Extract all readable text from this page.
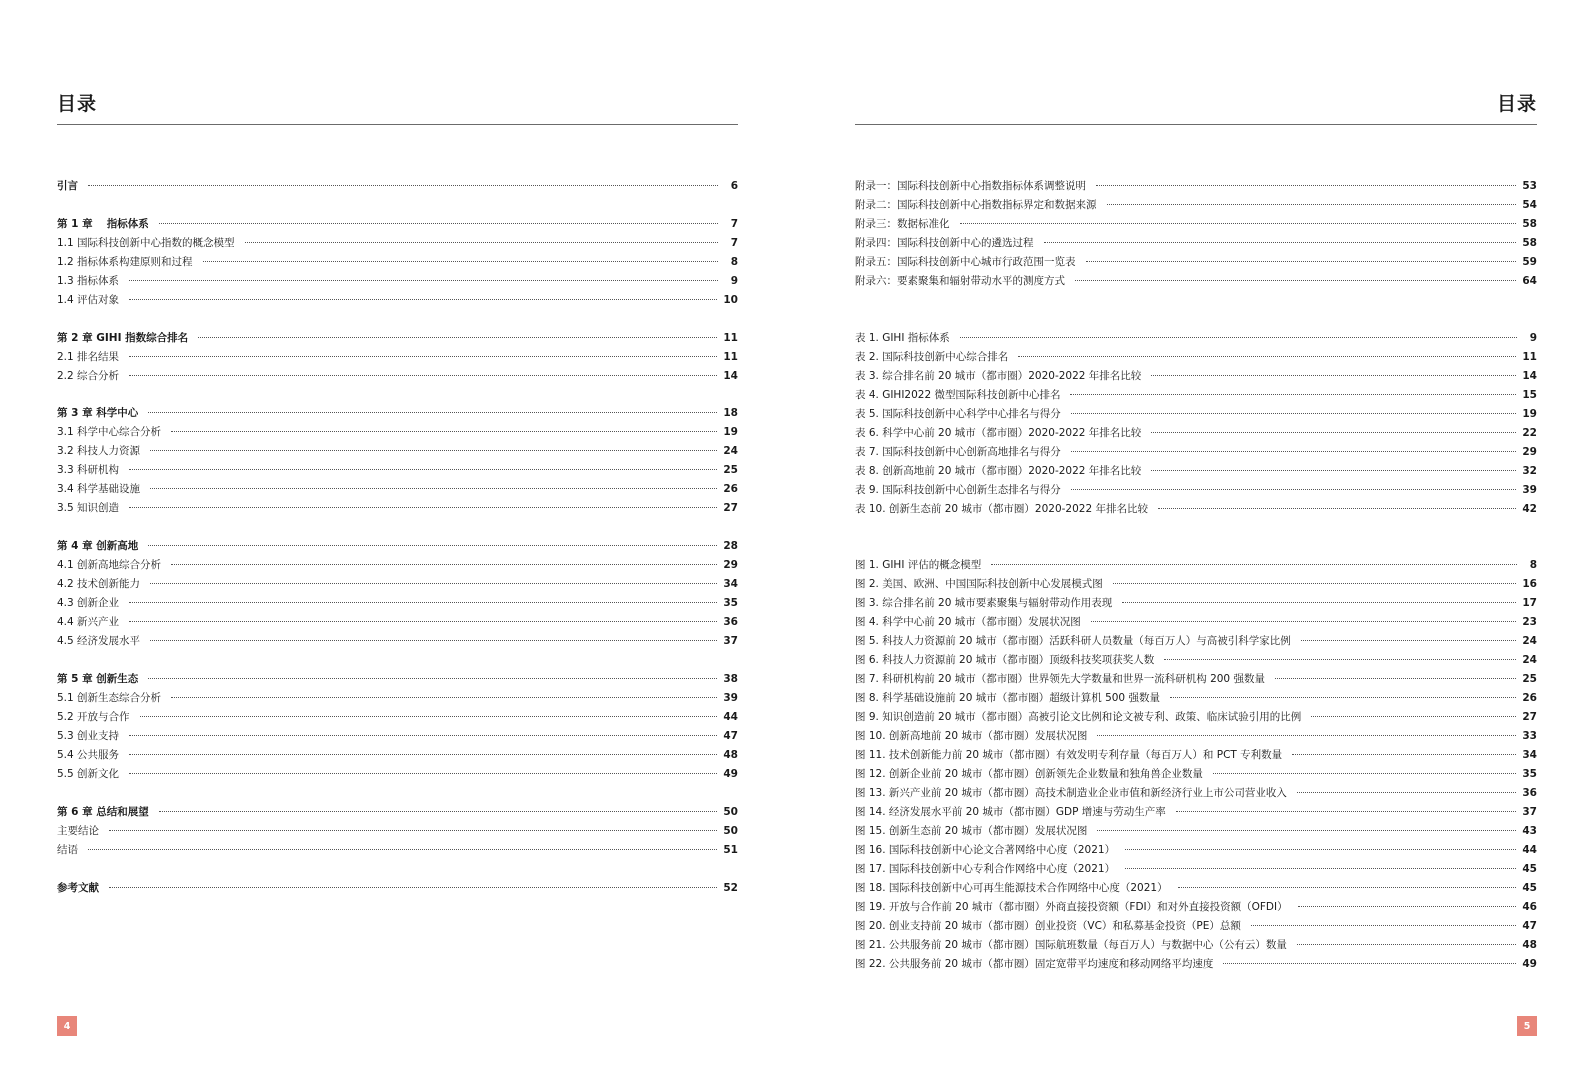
目录
引言	6
第 1 章　 指标体系	7
1.1 国际科技创新中心指数的概念模型	7
1.2 指标体系构建原则和过程	8
1.3 指标体系	9
1.4 评估对象	10
第 2 章 GIHI 指数综合排名	11
2.1 排名结果	11
2.2 综合分析	14
第 3 章 科学中心	18
3.1 科学中心综合分析	19
3.2 科技人力资源	24
3.3 科研机构	25
3.4 科学基础设施	26
3.5 知识创造	27
第 4 章 创新高地	28
4.1 创新高地综合分析	29
4.2 技术创新能力	34
4.3 创新企业	35
4.4 新兴产业	36
4.5 经济发展水平	37
第 5 章 创新生态	38
5.1 创新生态综合分析	39
5.2 开放与合作	44
5.3 创业支持	47
5.4 公共服务	48
5.5 创新文化	49
第 6 章 总结和展望	50
主要结论	50
结语	51
参考文献	52
4
目录
附录一：国际科技创新中心指数指标体系调整说明	53
附录二：国际科技创新中心指数指标界定和数据来源	54
附录三：数据标准化	58
附录四：国际科技创新中心的遴选过程	58
附录五：国际科技创新中心城市行政范围一览表	59
附录六：要素聚集和辐射带动水平的测度方式	64
表 1. GIHI 指标体系	9
表 2. 国际科技创新中心综合排名	11
表 3. 综合排名前 20 城市（都市圈）2020-2022 年排名比较	14
表 4. GIHI2022 微型国际科技创新中心排名	15
表 5. 国际科技创新中心科学中心排名与得分	19
表 6. 科学中心前 20 城市（都市圈）2020-2022 年排名比较	22
表 7. 国际科技创新中心创新高地排名与得分	29
表 8. 创新高地前 20 城市（都市圈）2020-2022 年排名比较	32
表 9. 国际科技创新中心创新生态排名与得分	39
表 10. 创新生态前 20 城市（都市圈）2020-2022 年排名比较	42
图 1. GIHI 评估的概念模型	8
图 2. 美国、欧洲、中国国际科技创新中心发展模式图	16
图 3. 综合排名前 20 城市要素聚集与辐射带动作用表现	17
图 4. 科学中心前 20 城市（都市圈）发展状况图	23
图 5. 科技人力资源前 20 城市（都市圈）活跃科研人员数量（每百万人）与高被引科学家比例	24
图 6. 科技人力资源前 20 城市（都市圈）顶级科技奖项获奖人数	24
图 7. 科研机构前 20 城市（都市圈）世界领先大学数量和世界一流科研机构 200 强数量	25
图 8. 科学基础设施前 20 城市（都市圈）超级计算机 500 强数量	26
图 9. 知识创造前 20 城市（都市圈）高被引论文比例和论文被专利、政策、临床试验引用的比例	27
图 10. 创新高地前 20 城市（都市圈）发展状况图	33
图 11. 技术创新能力前 20 城市（都市圈）有效发明专利存量（每百万人）和 PCT 专利数量	34
图 12. 创新企业前 20 城市（都市圈）创新领先企业数量和独角兽企业数量	35
图 13. 新兴产业前 20 城市（都市圈）高技术制造业企业市值和新经济行业上市公司营业收入	36
图 14. 经济发展水平前 20 城市（都市圈）GDP 增速与劳动生产率	37
图 15. 创新生态前 20 城市（都市圈）发展状况图	43
图 16. 国际科技创新中心论文合著网络中心度（2021）	44
图 17. 国际科技创新中心专利合作网络中心度（2021）	45
图 18. 国际科技创新中心可再生能源技术合作网络中心度（2021）	45
图 19. 开放与合作前 20 城市（都市圈）外商直接投资额（FDI）和对外直接投资额（OFDI）	46
图 20. 创业支持前 20 城市（都市圈）创业投资（VC）和私募基金投资（PE）总额	47
图 21. 公共服务前 20 城市（都市圈）国际航班数量（每百万人）与数据中心（公有云）数量	48
图 22. 公共服务前 20 城市（都市圈）固定宽带平均速度和移动网络平均速度	49
5
